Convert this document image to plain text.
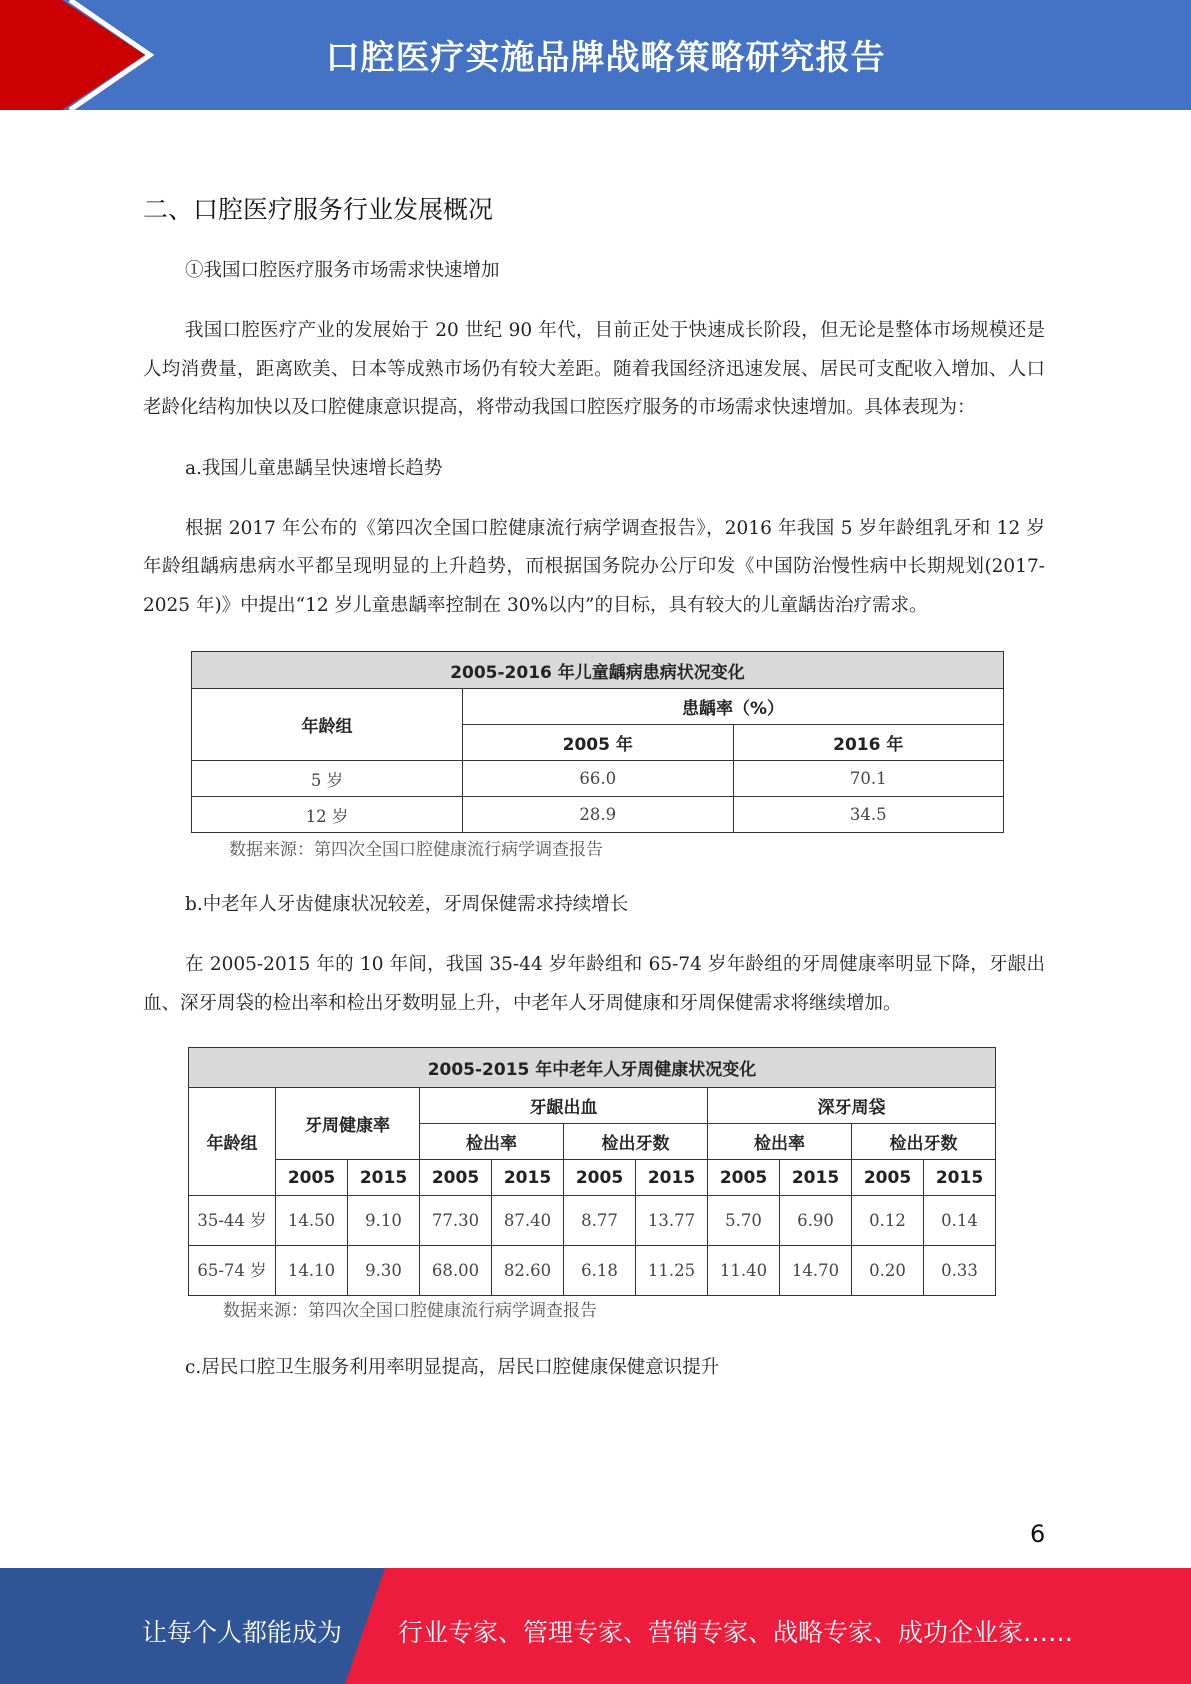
口腔医疗实施品牌战略策略研究报告
二、口腔医疗服务行业发展概况
①我国口腔医疗服务市场需求快速增加
我国口腔医疗产业的发展始于 20 世纪 90 年代，目前正处于快速成长阶段，但无论是整体市场规模还是人均消费量，距离欧美、日本等成熟市场仍有较大差距。随着我国经济迅速发展、居民可支配收入增加、人口老龄化结构加快以及口腔健康意识提高，将带动我国口腔医疗服务的市场需求快速增加。具体表现为：
a.我国儿童患龋呈快速增长趋势
根据 2017 年公布的《第四次全国口腔健康流行病学调查报告》，2016 年我国 5 岁年龄组乳牙和 12 岁年龄组龋病患病水平都呈现明显的上升趋势，而根据国务院办公厅印发《中国防治慢性病中长期规划(2017-2025 年)》中提出“12 岁儿童患龋率控制在 30%以内”的目标，具有较大的儿童龋齿治疗需求。
2005-2016 年儿童龋病患病状况变化		
年龄组	患龋率（%）	
	2005 年	2016 年
5 岁	66.0	70.1
12 岁	28.9	34.5

数据来源：第四次全国口腔健康流行病学调查报告

b.中老年人牙齿健康状况较差，牙周保健需求持续增长
在 2005-2015 年的 10 年间，我国 35-44 岁年龄组和 65-74 岁年龄组的牙周健康率明显下降，牙龈出血、深牙周袋的检出率和检出牙数明显上升，中老年人牙周健康和牙周保健需求将继续增加。
2005-2015 年中老年人牙周健康状况变化										
年龄组	牙周健康率		牙龈出血				深牙周袋			
			检出率		检出牙数		检出率		检出牙数	
	2005	2015	2005	2015	2005	2015	2005	2015	2005	2015
35-44 岁	14.50	9.10	77.30	87.40	8.77	13.77	5.70	6.90	0.12	0.14
65-74 岁	14.10	9.30	68.00	82.60	6.18	11.25	11.40	14.70	0.20	0.33

数据来源：第四次全国口腔健康流行病学调查报告

c.居民口腔卫生服务利用率明显提高，居民口腔健康保健意识提升
6
让每个人都能成为 行业专家、管理专家、营销专家、战略专家、成功企业家……
